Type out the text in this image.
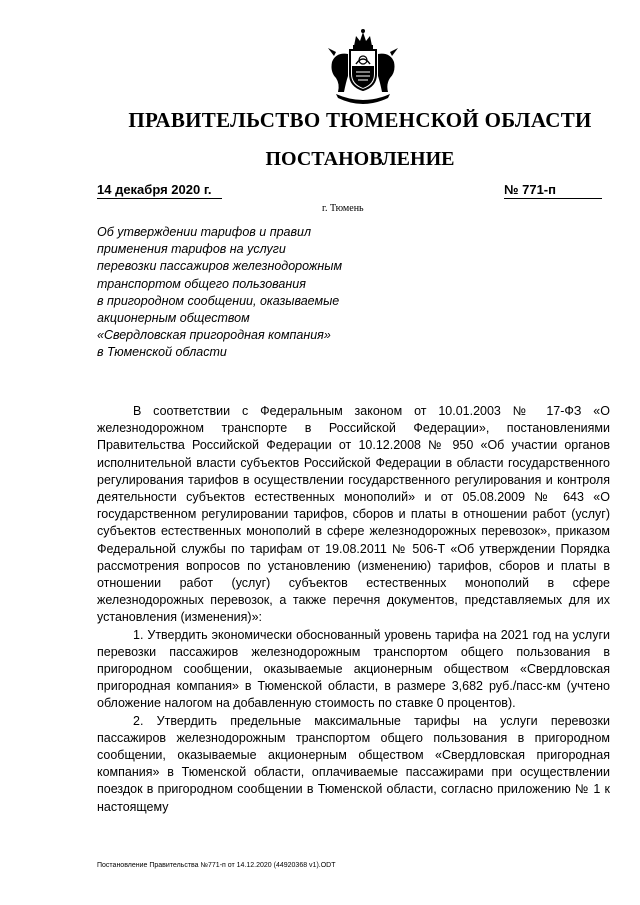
ПРАВИТЕЛЬСТВО ТЮМЕНСКОЙ ОБЛАСТИ
ПОСТАНОВЛЕНИЕ
14 декабря 2020 г.	№ 771-п
г. Тюмень
Об утверждении тарифов и правил
применения тарифов на услуги
перевозки пассажиров железнодорожным
транспортом общего пользования
в пригородном сообщении, оказываемые
акционерным обществом
«Свердловская пригородная компания»
в Тюменской области

В соответствии с Федеральным законом от 10.01.2003 № 17-ФЗ «О железнодорожном транспорте в Российской Федерации», постановлениями Правительства Российской Федерации от 10.12.2008 № 950 «Об участии органов исполнительной власти субъектов Российской Федерации в области государственного регулирования тарифов в осуществлении государственного регулирования и контроля деятельности субъектов естественных монополий» и от 05.08.2009 № 643 «О государственном регулировании тарифов, сборов и платы в отношении работ (услуг) субъектов естественных монополий в сфере железнодорожных перевозок», приказом Федеральной службы по тарифам от 19.08.2011 № 506-Т «Об утверждении Порядка рассмотрения вопросов по установлению (изменению) тарифов, сборов и платы в отношении работ (услуг) субъектов естественных монополий в сфере железнодорожных перевозок, а также перечня документов, представляемых для их установления (изменения)»:

1. Утвердить экономически обоснованный уровень тарифа на 2021 год на услуги перевозки пассажиров железнодорожным транспортом общего пользования в пригородном сообщении, оказываемые акционерным обществом «Свердловская пригородная компания» в Тюменской области, в размере 3,682 руб./пасс-км (учтено обложение налогом на добавленную стоимость по ставке 0 процентов).

2. Утвердить предельные максимальные тарифы на услуги перевозки пассажиров железнодорожным транспортом общего пользования в пригородном сообщении, оказываемые акционерным обществом «Свердловская пригородная компания» в Тюменской области, оплачиваемые пассажирами при осуществлении поездок в пригородном сообщении в Тюменской области, согласно приложению № 1 к настоящему

Постановление Правительства №771-п от 14.12.2020 (44920368 v1).ODT
